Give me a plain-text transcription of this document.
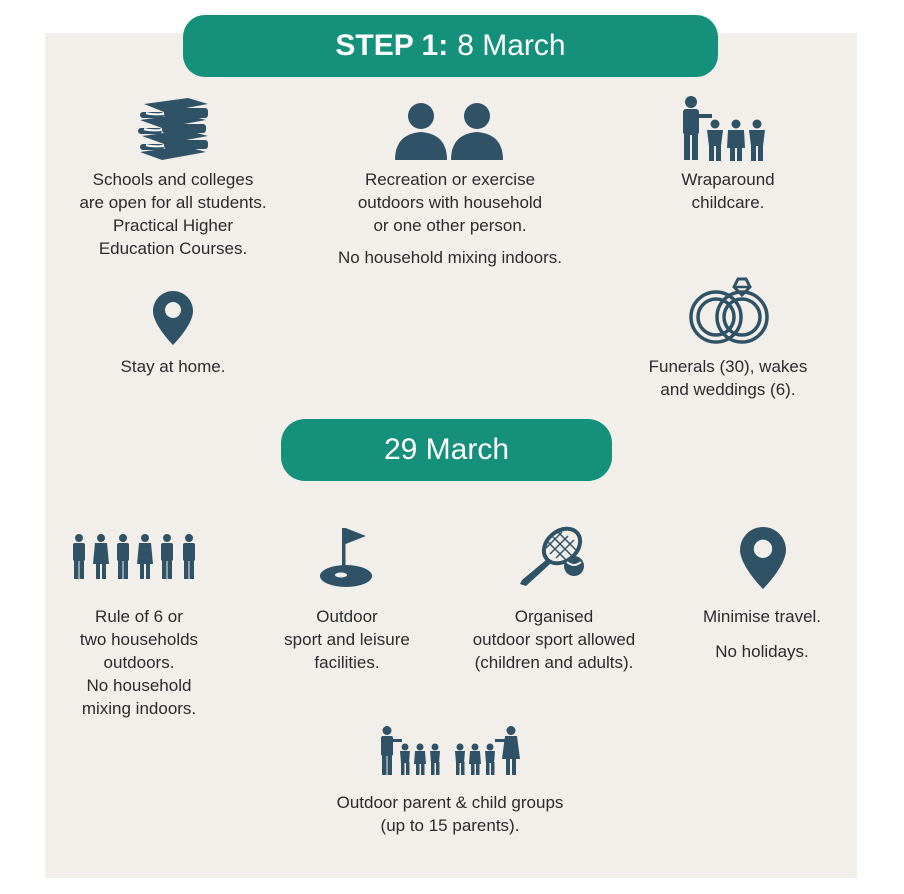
STEP 1: 8 March

Schools and colleges

are open for all students.

Practical Higher

Education Courses.

Recreation or exercise

outdoors with household

or one other person.

No household mixing indoors.

Wraparound

childcare.

Stay at home.	Funerals (30), wakes

and weddings (6).

29 March

Rule of 6 or

two households

outdoors.

No household

mixing indoors.

Outdoor

sport and leisure

facilities.

Organised

outdoor sport allowed

(children and adults).

Minimise travel.

No holidays.

Outdoor parent & child groups

(up to 15 parents).
